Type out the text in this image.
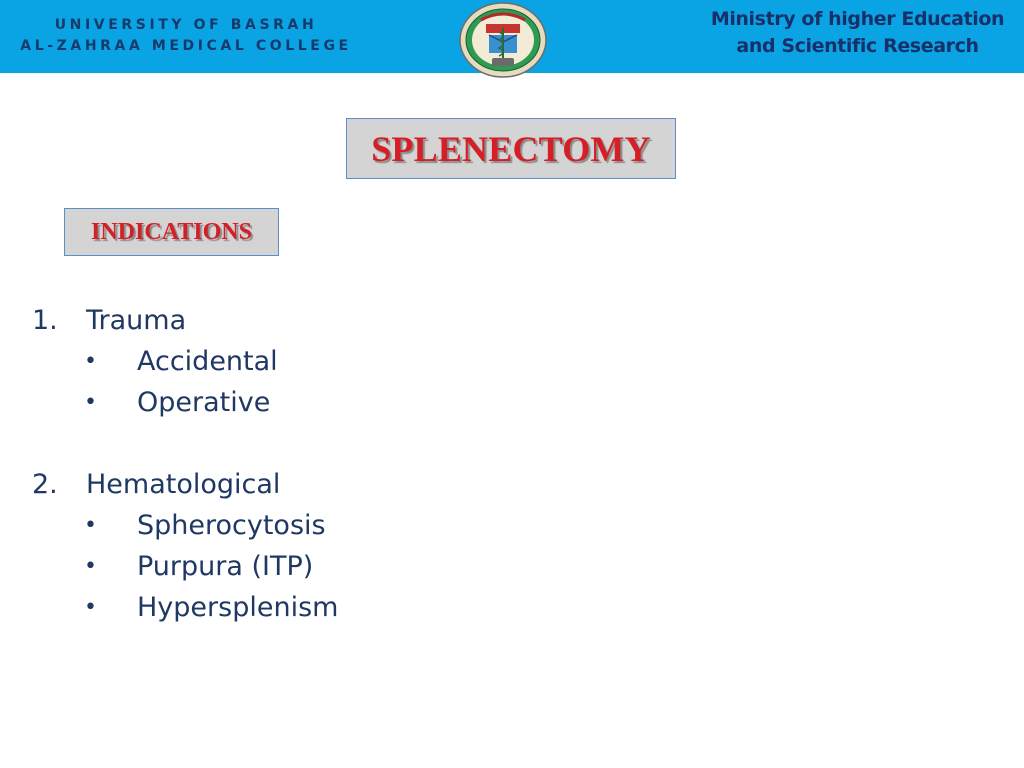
UNIVERSITY OF BASRAH
AL-ZAHRAA MEDICAL COLLEGE
Ministry of higher Education
and Scientific Research
SPLENECTOMY
INDICATIONS
1. Trauma
• Accidental
• Operative
2. Hematological
• Spherocytosis
• Purpura (ITP)
• Hypersplenism
